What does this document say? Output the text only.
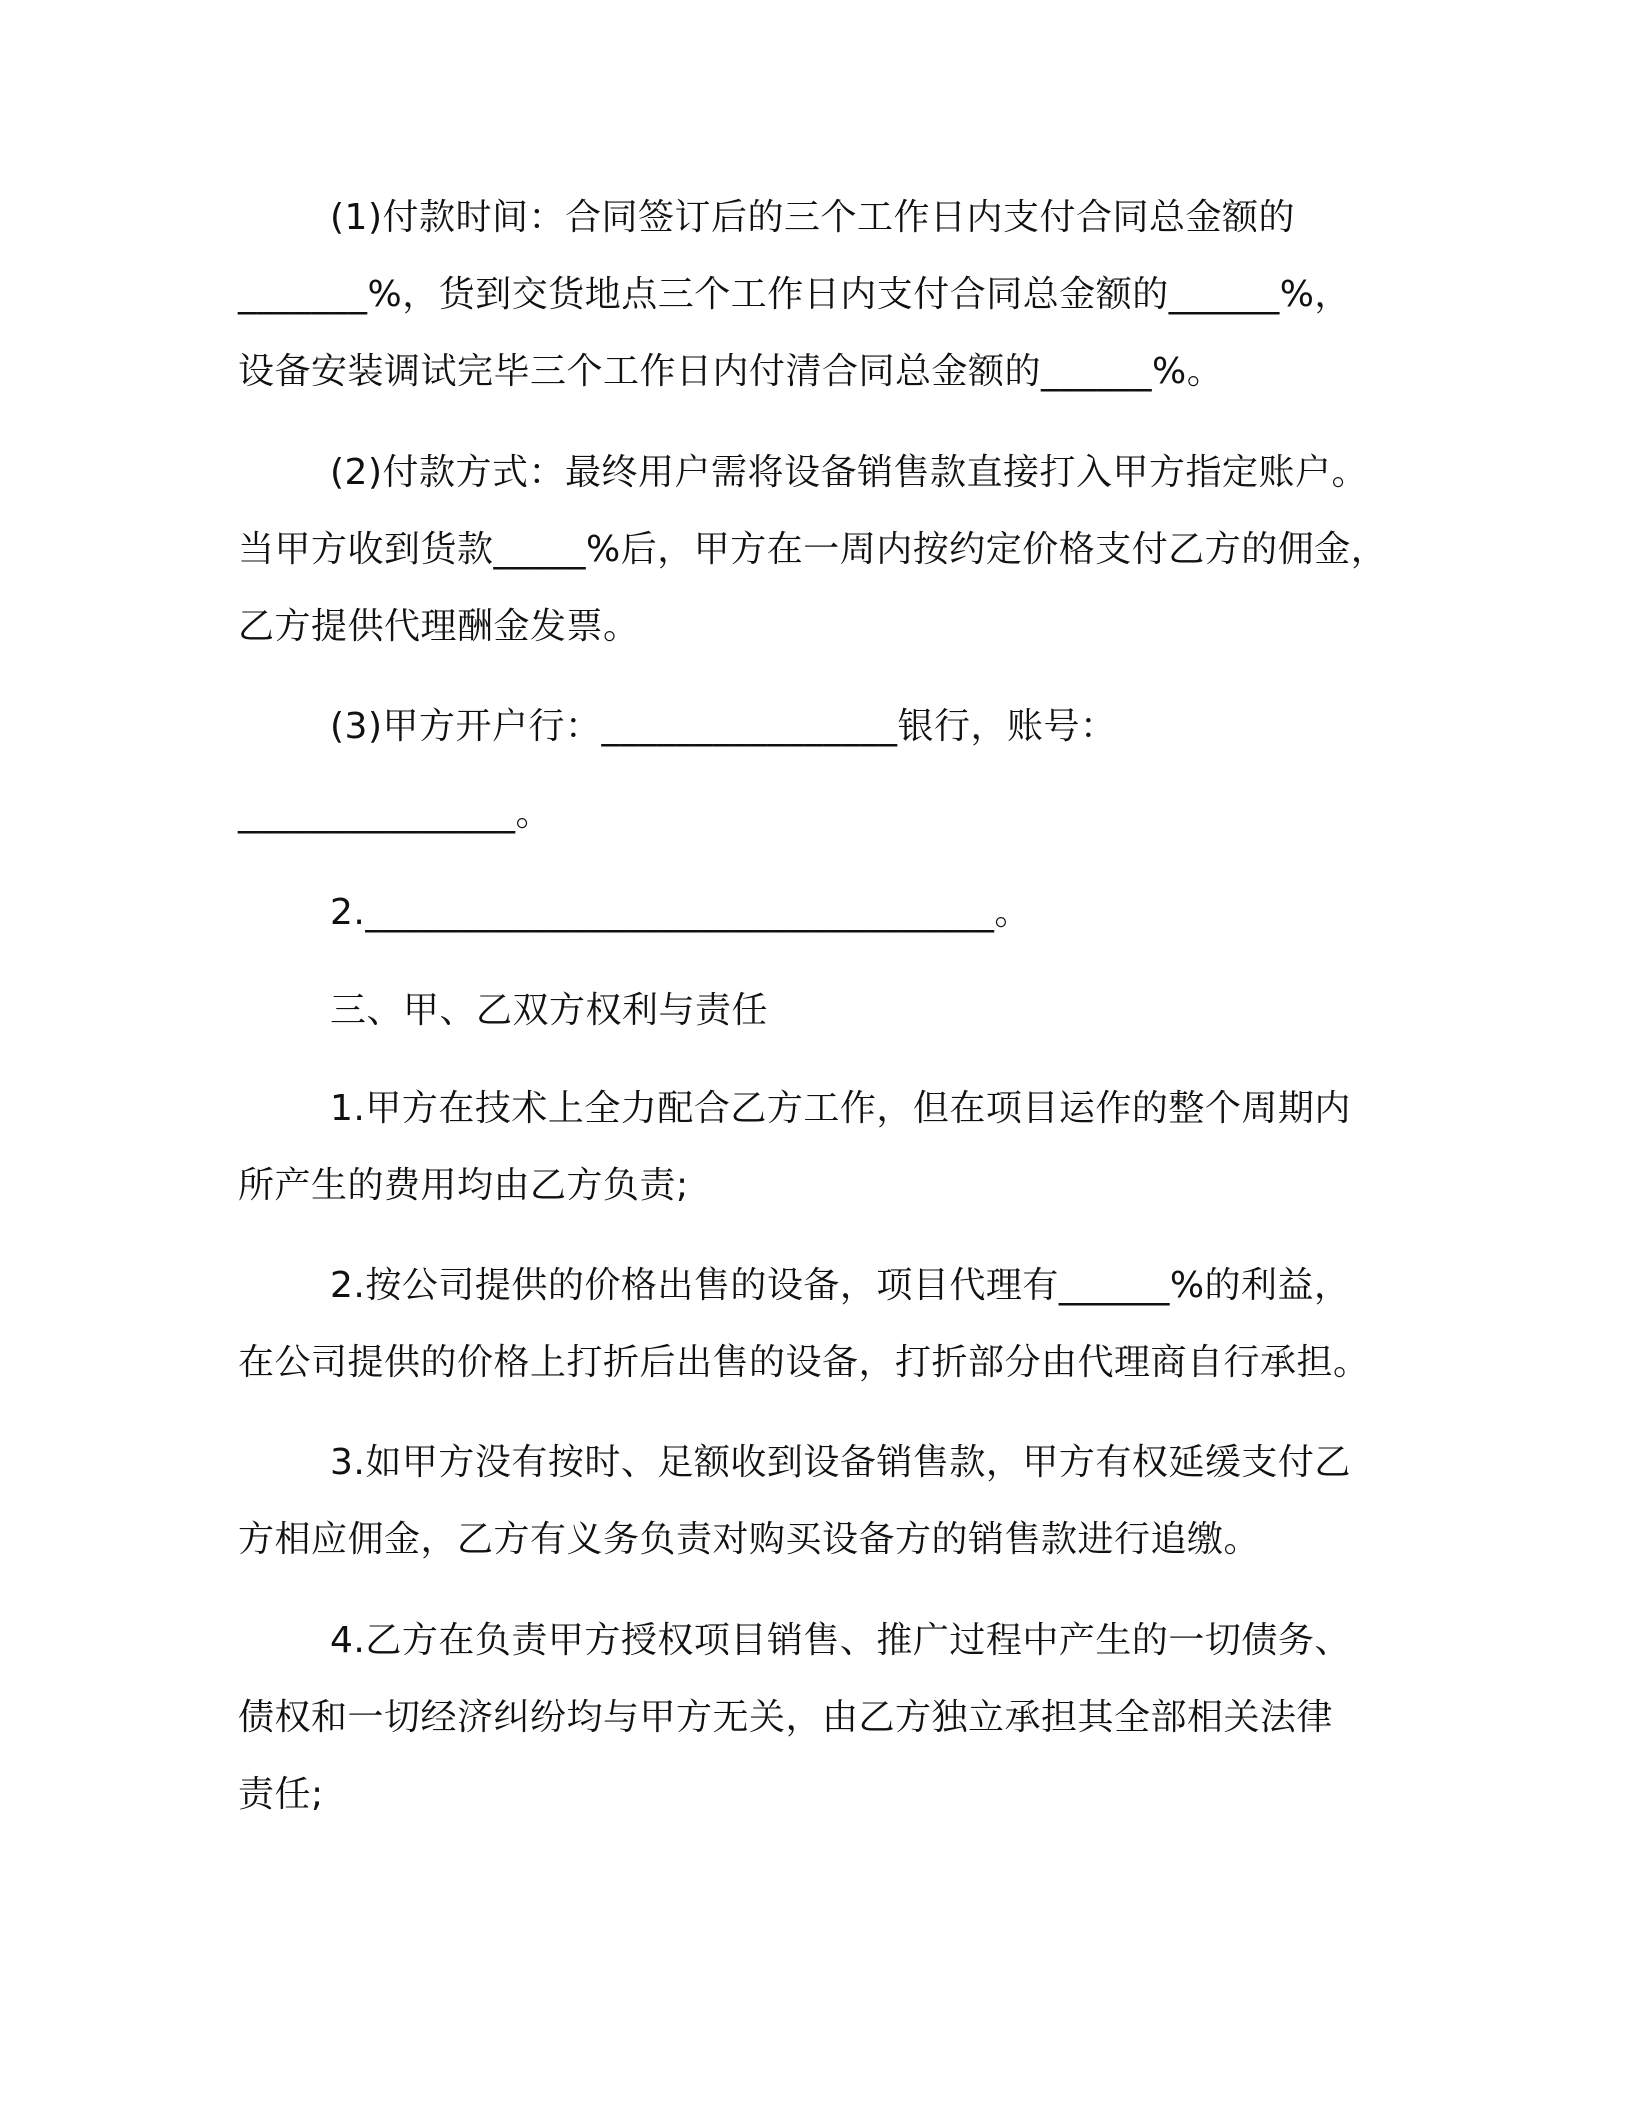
(1)付款时间：合同签订后的三个工作日内支付合同总金额的
_______%，货到交货地点三个工作日内支付合同总金额的______%，
设备安装调试完毕三个工作日内付清合同总金额的______%。
(2)付款方式：最终用户需将设备销售款直接打入甲方指定账户。
当甲方收到货款_____%后，甲方在一周内按约定价格支付乙方的佣金，
乙方提供代理酬金发票。
(3)甲方开户行：________________银行，账号：
_______________。
2.__________________________________。
三、甲、乙双方权利与责任
1.甲方在技术上全力配合乙方工作，但在项目运作的整个周期内
所产生的费用均由乙方负责;
2.按公司提供的价格出售的设备，项目代理有______%的利益，
在公司提供的价格上打折后出售的设备，打折部分由代理商自行承担。
3.如甲方没有按时、足额收到设备销售款，甲方有权延缓支付乙
方相应佣金，乙方有义务负责对购买设备方的销售款进行追缴。
4.乙方在负责甲方授权项目销售、推广过程中产生的一切债务、
债权和一切经济纠纷均与甲方无关，由乙方独立承担其全部相关法律
责任;
